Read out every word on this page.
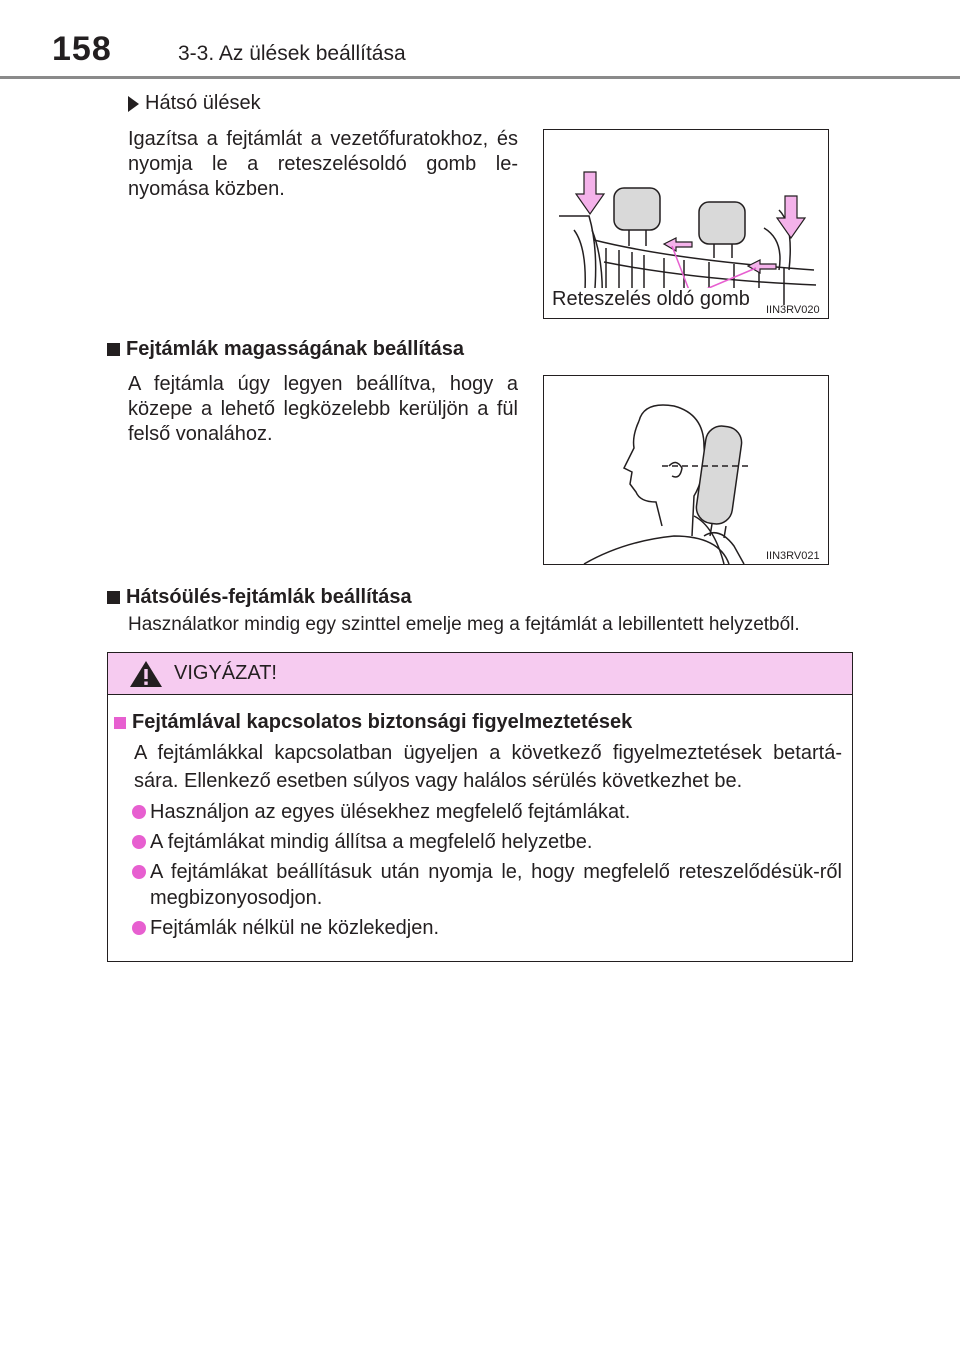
158	3-3. Az ülések beállítása
Hátsó ülések
Igazítsa a fejtámlát a vezetőfuratokhoz, és nyomja le a reteszelésoldó gomb le-nyomása közben.
Reteszelés oldó gomb IIN3RV020
Fejtámlák magasságának beállítása
A fejtámla úgy legyen beállítva, hogy a közepe a lehető legközelebb kerüljön a fül felső vonalához.
IIN3RV021
Hátsóülés-fejtámlák beállítása
Használatkor mindig egy szinttel emelje meg a fejtámlát a lebillentett helyzetből.
VIGYÁZAT!
Fejtámlával kapcsolatos biztonsági figyelmeztetések
A fejtámlákkal kapcsolatban ügyeljen a következő figyelmeztetések betartá-sára. Ellenkező esetben súlyos vagy halálos sérülés következhet be.
Használjon az egyes ülésekhez megfelelő fejtámlákat.
A fejtámlákat mindig állítsa a megfelelő helyzetbe.
A fejtámlákat beállításuk után nyomja le, hogy megfelelő reteszelődésük-ről megbizonyosodjon.
Fejtámlák nélkül ne közlekedjen.
